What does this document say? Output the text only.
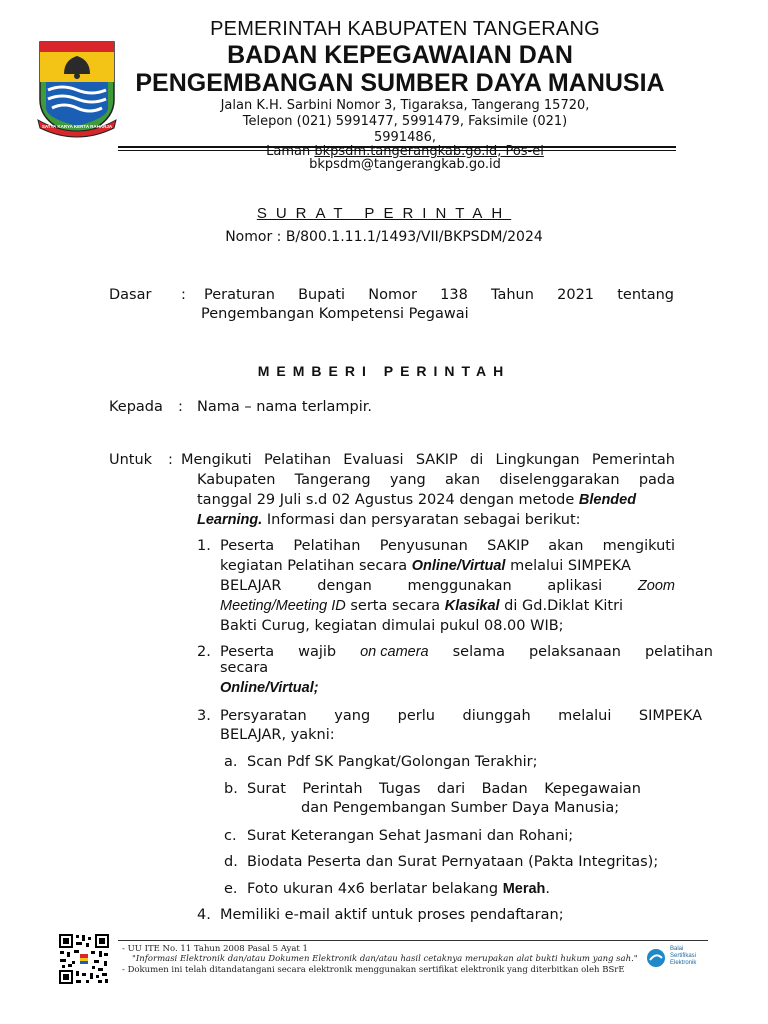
SATYA KARYA KERTA RAHARJA
PEMERINTAH KABUPATEN TANGERANG
BADAN KEPEGAWAIAN DAN
PENGEMBANGAN SUMBER DAYA MANUSIA
Jalan K.H. Sarbini Nomor 3, Tigaraksa, Tangerang 15720,
Telepon (021) 5991477, 5991479, Faksimile (021)
5991486,
Laman bkpsdm.tangerangkab.go.id, Pos-el
bkpsdm@tangerangkab.go.id
SURAT PERINTAH
Nomor : B/800.1.11.1/1493/VII/BKPSDM/2024
Dasar : Peraturan Bupati Nomor 138 Tahun 2021 tentang
Pengembangan Kompetensi Pegawai
MEMBERI PERINTAH
Kepada : Nama – nama terlampir.
Untuk : Mengikuti Pelatihan Evaluasi SAKIP di Lingkungan Pemerintah
Kabupaten Tangerang yang akan diselenggarakan pada
tanggal 29 Juli s.d 02 Agustus 2024 dengan metode Blended
Learning. Informasi dan persyaratan sebagai berikut:
1. Peserta Pelatihan Penyusunan SAKIP akan mengikuti
kegiatan Pelatihan secara Online/Virtual melalui SIMPEKA
BELAJAR dengan menggunakan aplikasi Zoom
Meeting/Meeting ID serta secara Klasikal di Gd.Diklat Kitri
Bakti Curug, kegiatan dimulai pukul 08.00 WIB;
2. Peserta wajib on camera selama pelaksanaan pelatihan
secara
Online/Virtual;
3. Persyaratan yang perlu diunggah melalui SIMPEKA
BELAJAR, yakni:
a. Scan Pdf SK Pangkat/Golongan Terakhir;
b. Surat Perintah Tugas dari Badan Kepegawaian
dan Pengembangan Sumber Daya Manusia;
c. Surat Keterangan Sehat Jasmani dan Rohani;
d. Biodata Peserta dan Surat Pernyataan (Pakta Integritas);
e. Foto ukuran 4x6 berlatar belakang Merah.
4. Memiliki e-mail aktif untuk proses pendaftaran;
- UU ITE No. 11 Tahun 2008 Pasal 5 Ayat 1
"Informasi Elektronik dan/atau Dokumen Elektronik dan/atau hasil cetaknya merupakan alat bukti hukum yang sah."
- Dokumen ini telah ditandatangani secara elektronik menggunakan sertifikat elektronik yang diterbitkan oleh BSrE
Balai
Sertifikasi
Elektronik
